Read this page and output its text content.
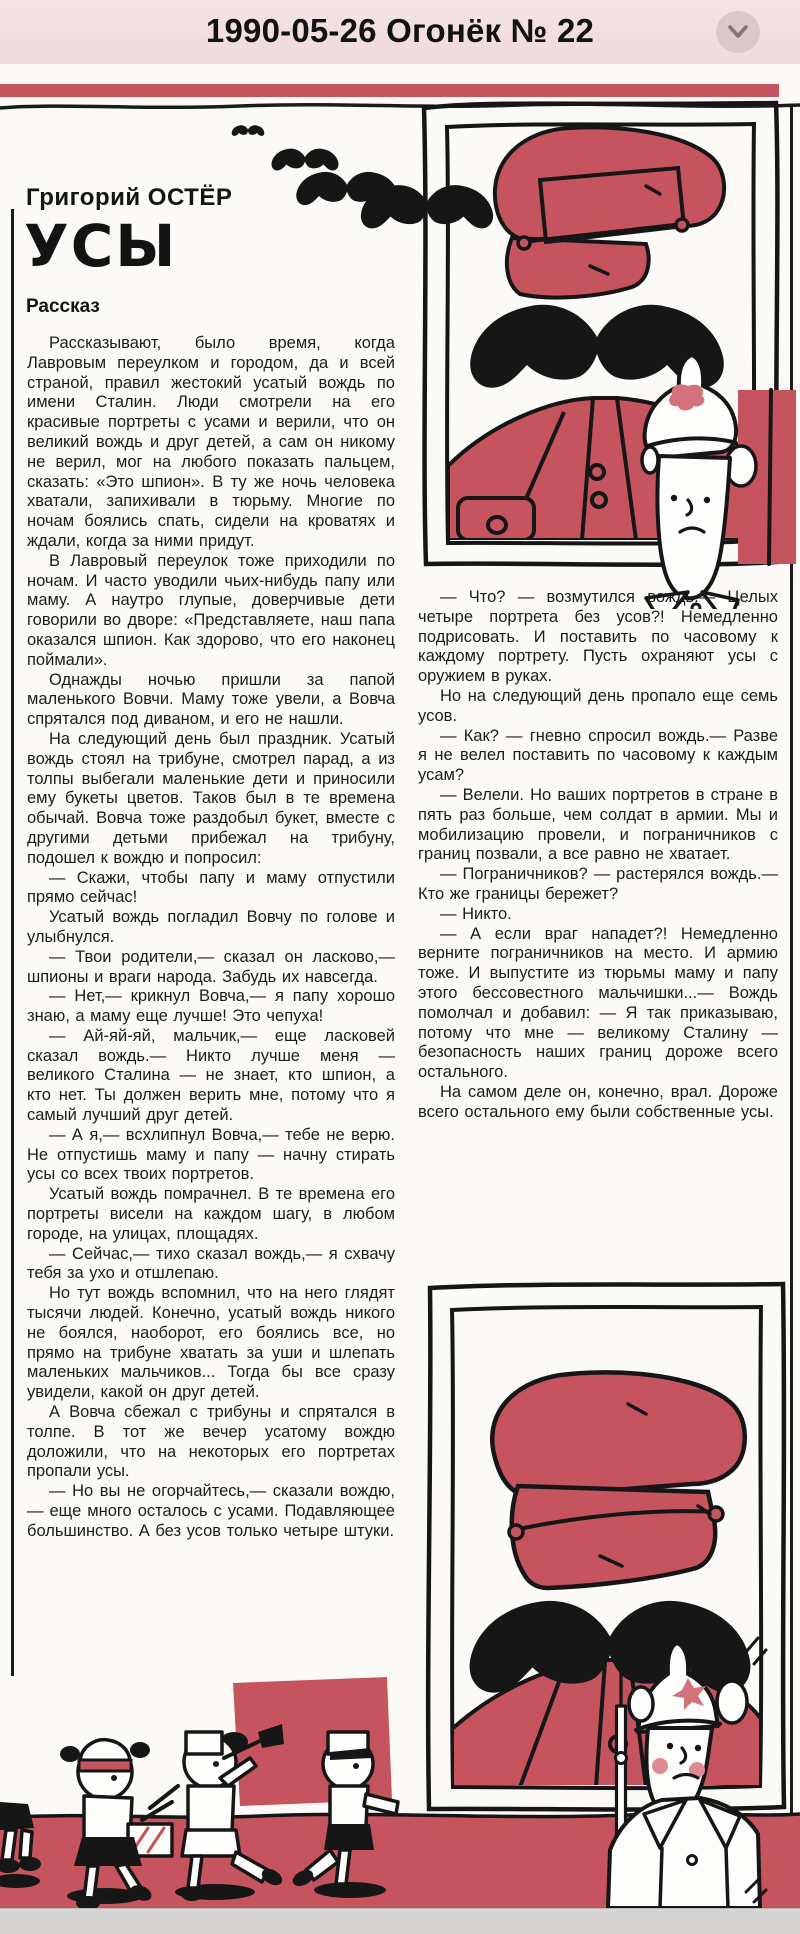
1990-05-26 Огонёк № 22
Григорий ОСТЁР
УСЫ
Рассказ

Рассказывают, было время, когда Лавровым переулком и городом, да и всей страной, правил жестокий усатый вождь по имени Сталин. Люди смотрели на его красивые портреты с усами и верили, что он великий вождь и друг детей, а сам он никому не верил, мог на любого показать пальцем, сказать: «Это шпион». В ту же ночь человека хватали, запихивали в тюрьму. Многие по ночам боялись спать, сидели на кроватях и ждали, когда за ними придут.

В Лавровый переулок тоже приходили по ночам. И часто уводили чьих-нибудь папу или маму. А наутро глупые, доверчивые дети говорили во дворе: «Представляете, наш папа оказался шпион. Как здорово, что его наконец поймали».

Однажды ночью пришли за папой маленького Вовчи. Маму тоже увели, а Вовча спрятался под диваном, и его не нашли.

На следующий день был праздник. Усатый вождь стоял на трибуне, смотрел парад, а из толпы выбегали маленькие дети и приносили ему букеты цветов. Таков был в те времена обычай. Вовча тоже раздобыл букет, вместе с другими детьми прибежал на трибуну, подошел к вождю и попросил:

— Скажи, чтобы папу и маму отпустили прямо сейчас!

Усатый вождь погладил Вовчу по голове и улыбнулся.

— Твои родители,— сказал он ласково,— шпионы и враги народа. Забудь их навсегда.

— Нет,— крикнул Вовча,— я папу хорошо знаю, а маму еще лучше! Это чепуха!

— Ай-яй-яй, мальчик,— еще ласковей сказал вождь.— Никто лучше меня — великого Сталина — не знает, кто шпион, а кто нет. Ты должен верить мне, потому что я самый лучший друг детей.

— А я,— всхлипнул Вовча,— тебе не верю. Не отпустишь маму и папу — начну стирать усы со всех твоих портретов.

Усатый вождь помрачнел. В те времена его портреты висели на каждом шагу, в любом городе, на улицах, площадях.

— Сейчас,— тихо сказал вождь,— я схвачу тебя за ухо и отшлепаю.

Но тут вождь вспомнил, что на него глядят тысячи людей. Конечно, усатый вождь никого не боялся, наоборот, его боялись все, но прямо на трибуне хватать за уши и шлепать маленьких мальчиков... Тогда бы все сразу увидели, какой он друг детей.

А Вовча сбежал с трибуны и спрятался в толпе. В тот же вечер усатому вождю доложили, что на некоторых его портретах пропали усы.

— Но вы не огорчайтесь,— сказали вождю,— еще много осталось с усами. Подавляющее большинство. А без усов только четыре штуки.

— Что? — возмутился вождь.— Целых четыре портрета без усов?! Немедленно подрисовать. И поставить по часовому к каждому портрету. Пусть охраняют усы с оружием в руках.

Но на следующий день пропало еще семь усов.

— Как? — гневно спросил вождь.— Разве я не велел поставить по часовому к каждым усам?

— Велели. Но ваших портретов в стране в пять раз больше, чем солдат в армии. Мы и мобилизацию провели, и пограничников с границ позвали, а все равно не хватает.

— Пограничников? — растерялся вождь.— Кто же границы бережет?

— Никто.

— А если враг нападет?! Немедленно верните пограничников на место. И армию тоже. И выпустите из тюрьмы маму и папу этого бессовестного мальчишки...— Вождь помолчал и добавил: — Я так приказываю, потому что мне — великому Сталину — безопасность наших границ дороже всего остального.

На самом деле он, конечно, врал. Дороже всего остального ему были собственные усы.
